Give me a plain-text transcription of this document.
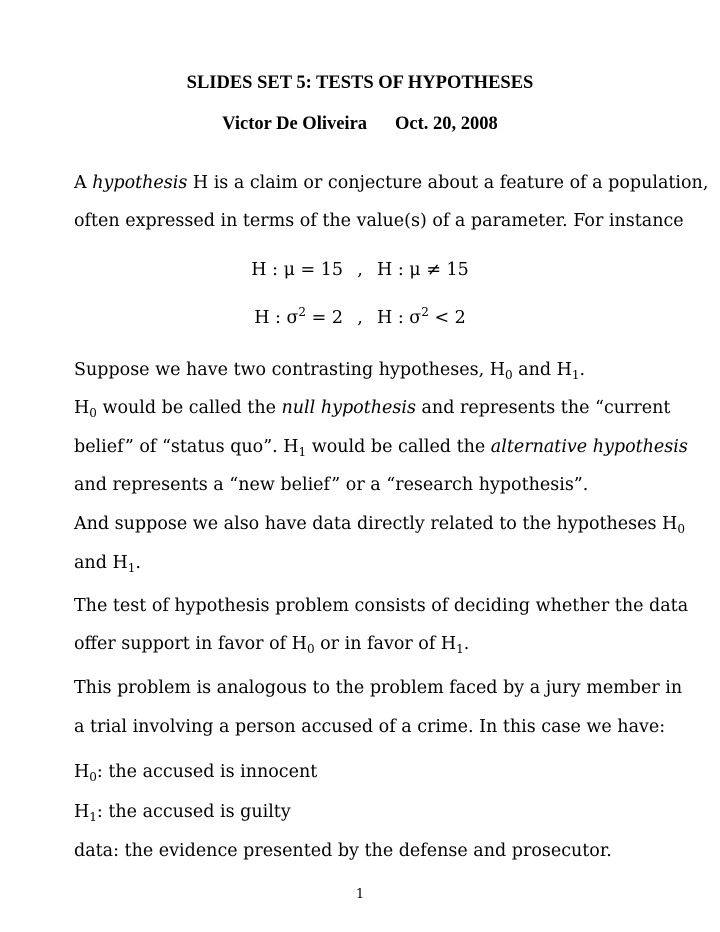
SLIDES SET 5: TESTS OF HYPOTHESES
Victor De Oliveira Oct. 20, 2008
A hypothesis H is a claim or conjecture about a feature of a population,
often expressed in terms of the value(s) of a parameter. For instance
H : μ = 15 , H : μ ≠ 15
H : $\sigma^2 = 2$ , H : $\sigma^2 < 2$
Suppose we have two contrasting hypotheses, $H_0$ and $H_1$.
$H_0$ would be called the null hypothesis and represents the “current
belief” of “status quo”. $H_1$ would be called the alternative hypothesis
and represents a “new belief” or a “research hypothesis”.
And suppose we also have data directly related to the hypotheses $H_0$
and $H_1$.
The test of hypothesis problem consists of deciding whether the data
offer support in favor of $H_0$ or in favor of $H_1$.
This problem is analogous to the problem faced by a jury member in
a trial involving a person accused of a crime. In this case we have:
$H_0$: the accused is innocent
$H_1$: the accused is guilty
data: the evidence presented by the defense and prosecutor.
1
